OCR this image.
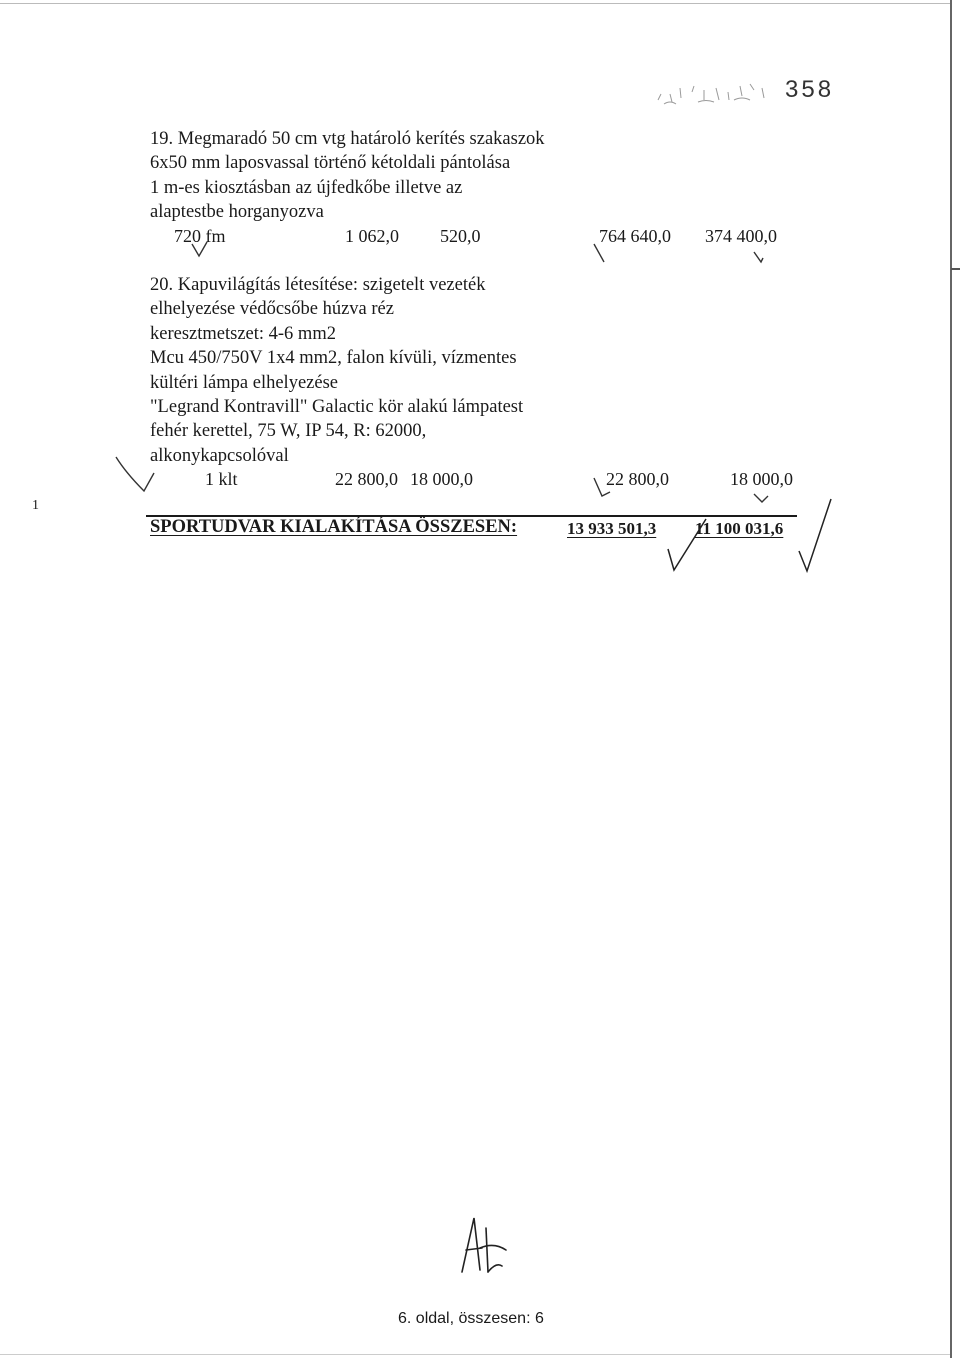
358
19. Megmaradó 50 cm vtg határoló kerítés szakaszok
6x50 mm laposvassal történő kétoldali pántolása
1 m-es kiosztásban az újfedkőbe illetve az
alaptestbe horganyozva
720 fm	1 062,0 520,0	764 640,0 374 400,0
20. Kapuvilágítás létesítése: szigetelt vezeték
elhelyezése védőcsőbe húzva réz
keresztmetszet: 4-6 mm2
Mcu 450/750V 1x4 mm2, falon kívüli, vízmentes
kültéri lámpa elhelyezése
"Legrand Kontravill" Galactic kör alakú lámpatest
fehér kerettel, 75 W, IP 54, R: 62000,
alkonykapcsolóval
1 klt	22 800,0 18 000,0	22 800,0	18 000,0
1
SPORTUDVAR KIALAKÍTÁSA ÖSSZESEN:	13 933 501,3 11 100 031,6
6. oldal, összesen: 6
